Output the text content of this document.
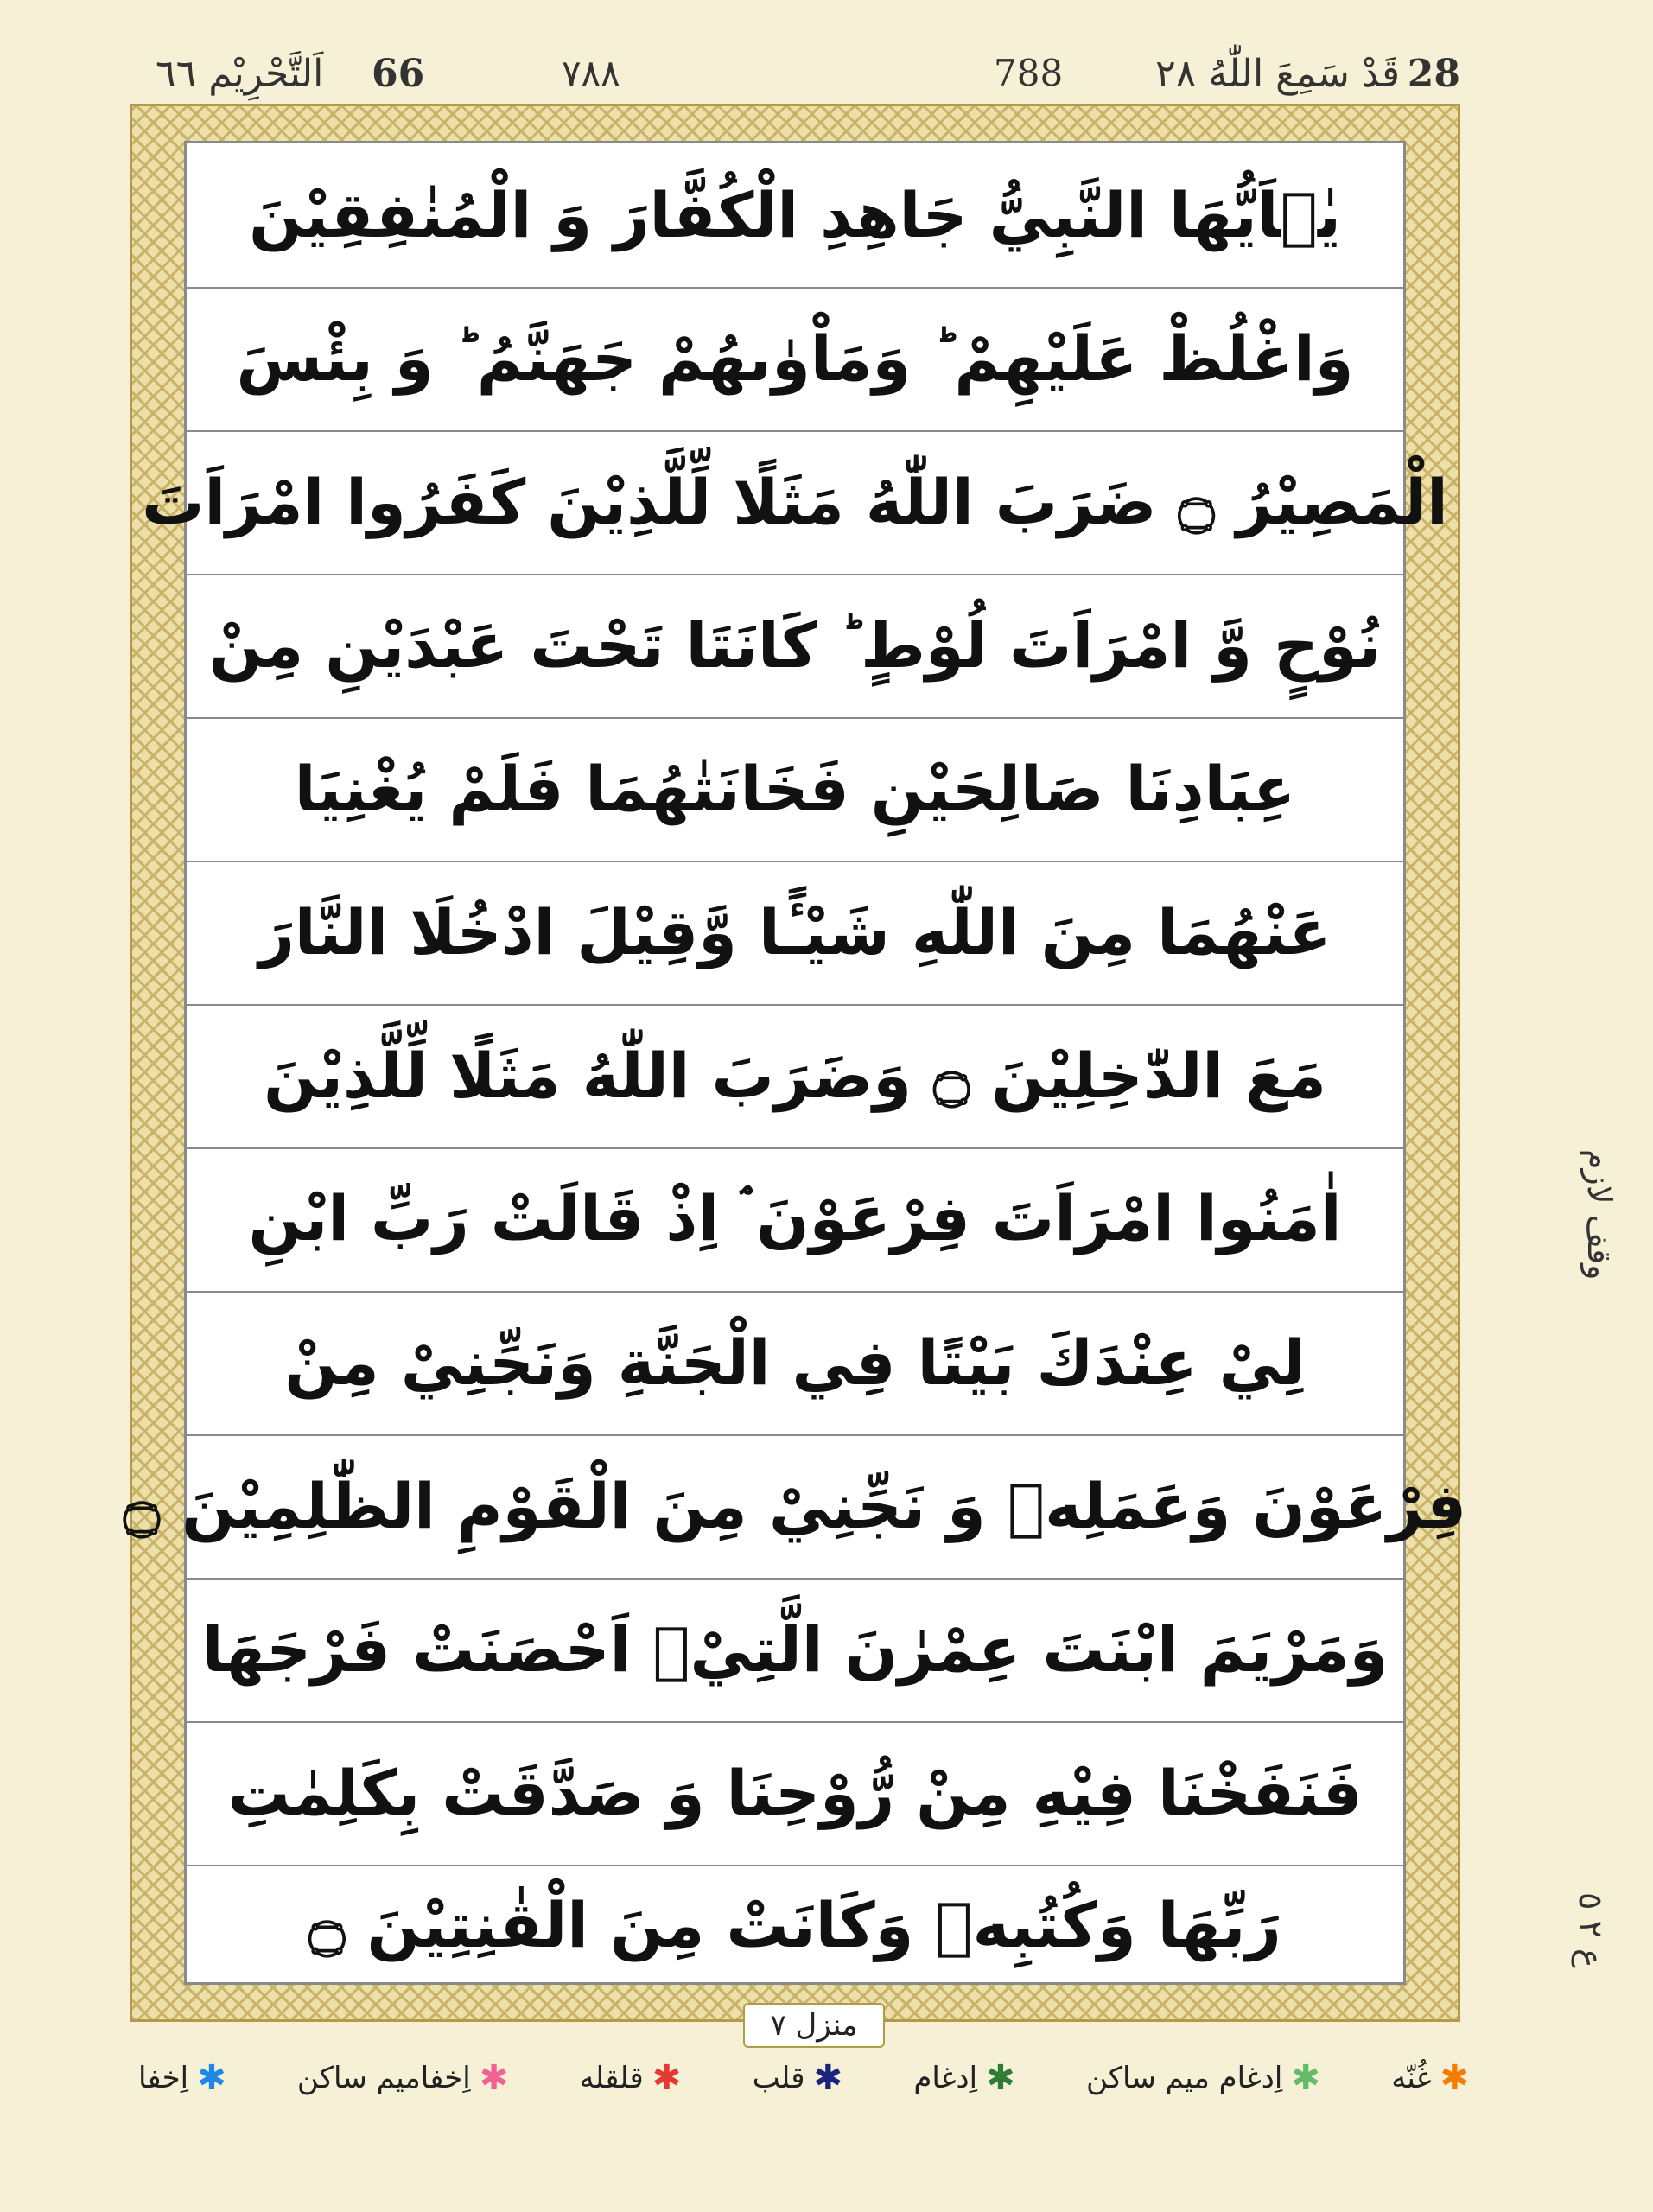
28
قَدْ سَمِعَ اللّٰهُ ٢٨
788
٧٨٨
66
اَلتَّحْرِيْم ٦٦
يٰۤاَيُّهَا النَّبِيُّ جَاهِدِ الْكُفَّارَ وَ الْمُنٰفِقِيْنَ
وَاغْلُظْ عَلَيْهِمْ ؕ وَمَاْوٰىهُمْ جَهَنَّمُ ؕ وَ بِئْسَ
الْمَصِيْرُ ۝ ضَرَبَ اللّٰهُ مَثَلًا لِّلَّذِيْنَ كَفَرُوا امْرَاَتَ
نُوْحٍ وَّ امْرَاَتَ لُوْطٍ ؕ كَانَتَا تَحْتَ عَبْدَيْنِ مِنْ
عِبَادِنَا صَالِحَيْنِ فَخَانَتٰهُمَا فَلَمْ يُغْنِيَا
عَنْهُمَا مِنَ اللّٰهِ شَيْـًٔا وَّقِيْلَ ادْخُلَا النَّارَ
مَعَ الدّٰخِلِيْنَ ۝ وَضَرَبَ اللّٰهُ مَثَلًا لِّلَّذِيْنَ
اٰمَنُوا امْرَاَتَ فِرْعَوْنَ ۘ اِذْ قَالَتْ رَبِّ ابْنِ
لِيْ عِنْدَكَ بَيْتًا فِي الْجَنَّةِ وَنَجِّنِيْ مِنْ
فِرْعَوْنَ وَعَمَلِهٖ وَ نَجِّنِيْ مِنَ الْقَوْمِ الظّٰلِمِيْنَ ۝
وَمَرْيَمَ ابْنَتَ عِمْرٰنَ الَّتِيْۤ اَحْصَنَتْ فَرْجَهَا
فَنَفَخْنَا فِيْهِ مِنْ رُّوْحِنَا وَ صَدَّقَتْ بِكَلِمٰتِ
رَبِّهَا وَكُتُبِهٖ وَكَانَتْ مِنَ الْقٰنِتِيْنَ ۝
وقف لازم
ع ٢ ٥
منزل ٧
✱
اِخفا	✱
اِخفاميم ساكن	✱
قلقله	✱
قلب	✱
اِدغام	✱
اِدغام ميم ساكن	✱
غُنّه
